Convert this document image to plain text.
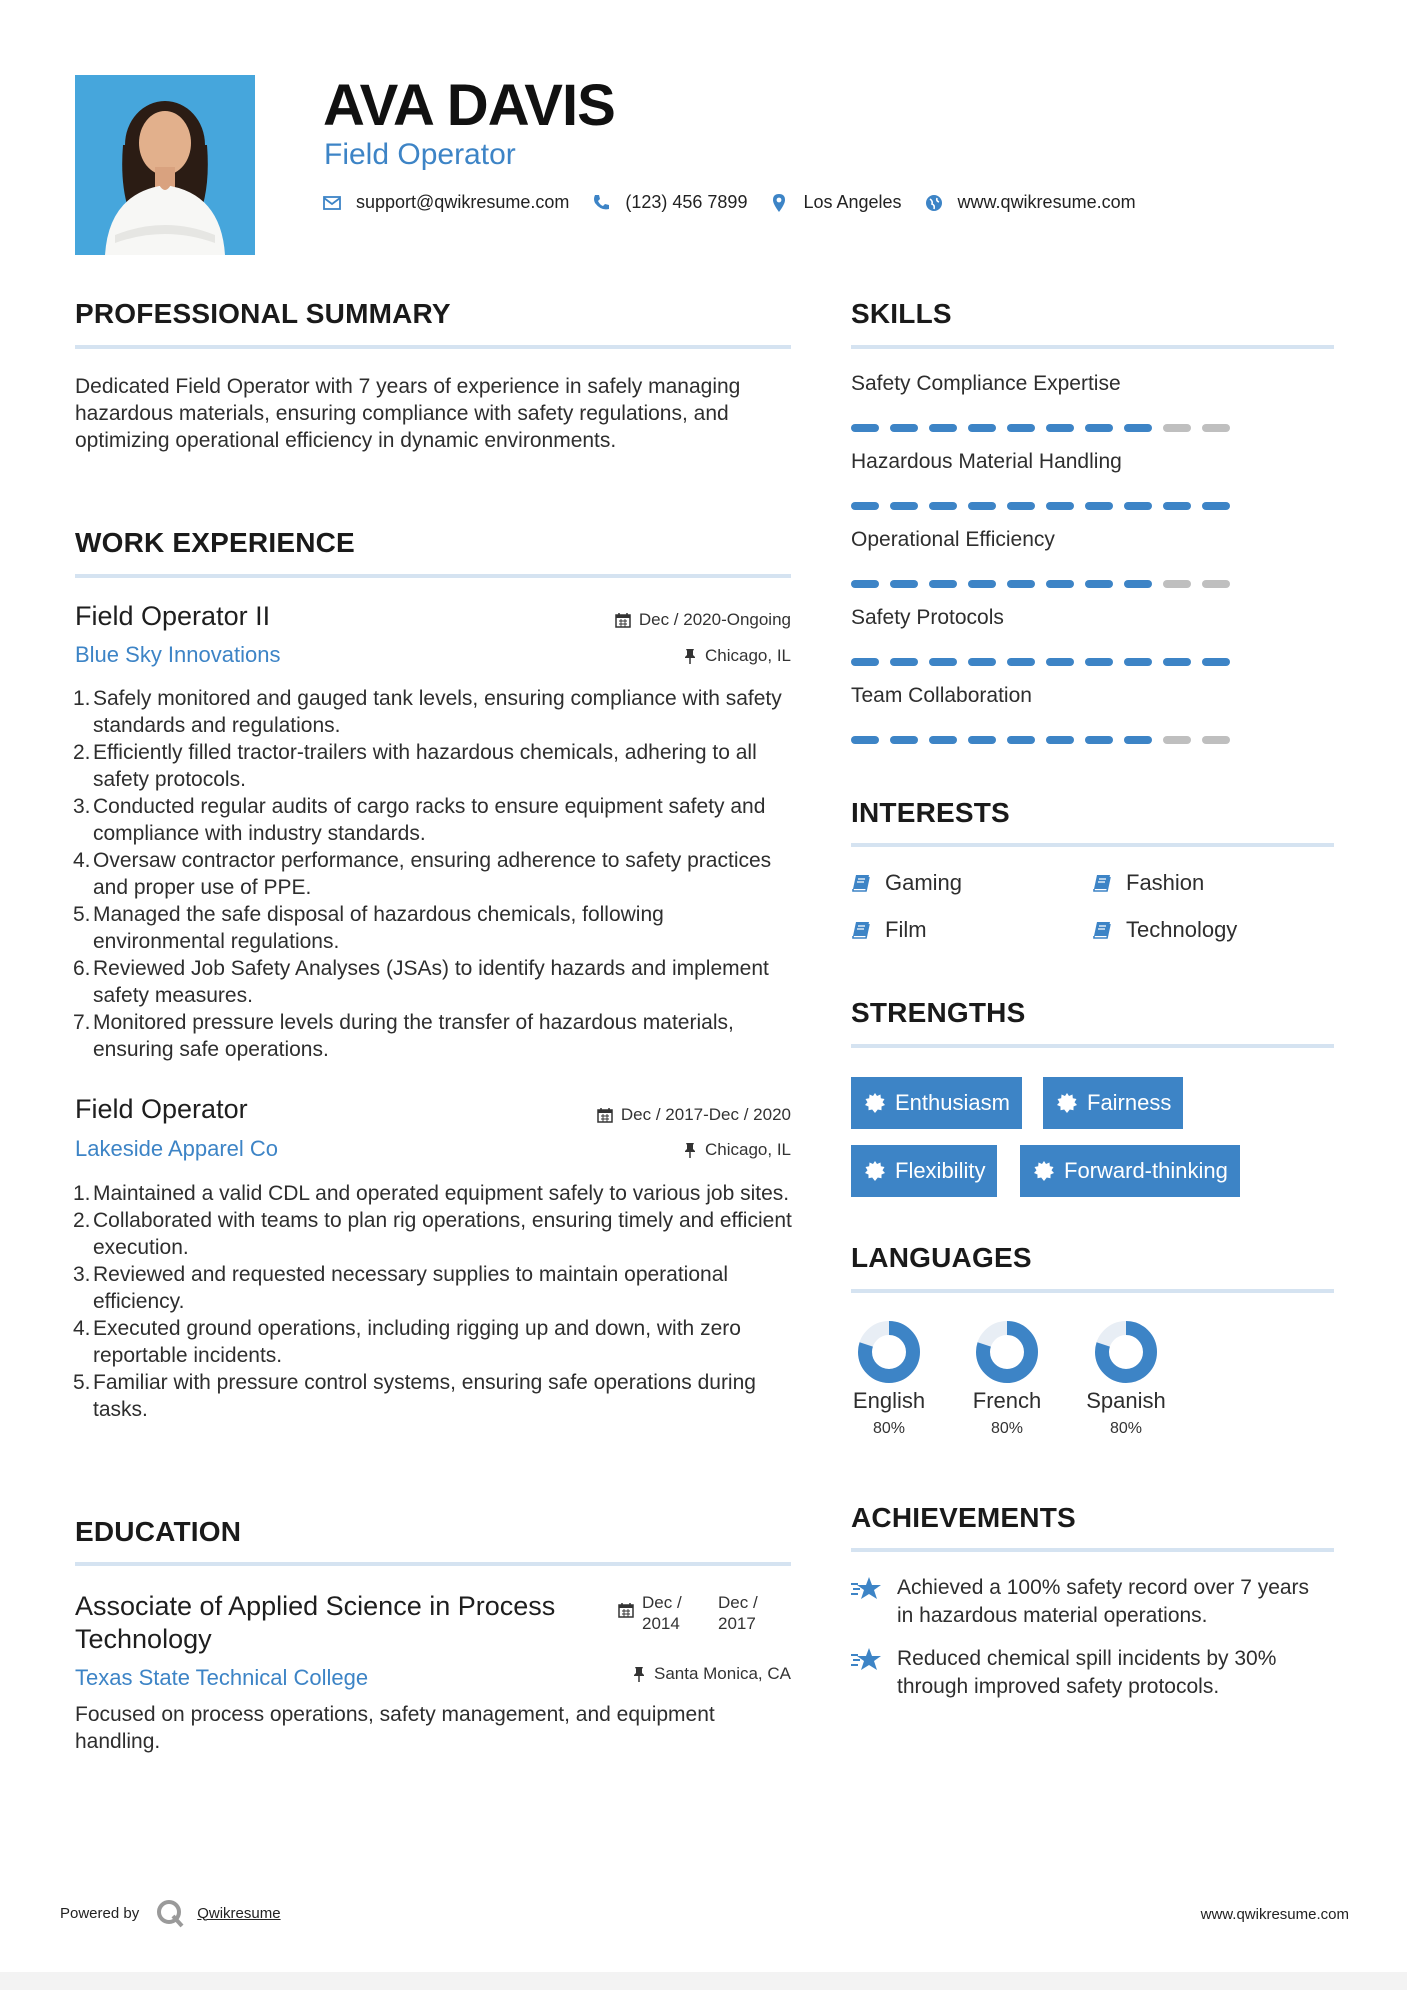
AVA DAVIS
Field Operator
support@qwikresume.com	(123) 456 7899	Los Angeles	www.qwikresume.com
PROFESSIONAL SUMMARY
Dedicated Field Operator with 7 years of experience in safely managing hazardous materials, ensuring compliance with safety regulations, and optimizing operational efficiency in dynamic environments.
WORK EXPERIENCE
Field Operator II	Dec / 2020-Ongoing
Blue Sky Innovations	Chicago, IL
1. Safely monitored and gauged tank levels, ensuring compliance with safety standards and regulations.
2. Efficiently filled tractor-trailers with hazardous chemicals, adhering to all safety protocols.
3. Conducted regular audits of cargo racks to ensure equipment safety and compliance with industry standards.
4. Oversaw contractor performance, ensuring adherence to safety practices and proper use of PPE.
5. Managed the safe disposal of hazardous chemicals, following environmental regulations.
6. Reviewed Job Safety Analyses (JSAs) to identify hazards and implement safety measures.
7. Monitored pressure levels during the transfer of hazardous materials, ensuring safe operations.
Field Operator	Dec / 2017-Dec / 2020
Lakeside Apparel Co	Chicago, IL
1. Maintained a valid CDL and operated equipment safely to various job sites.
2. Collaborated with teams to plan rig operations, ensuring timely and efficient execution.
3. Reviewed and requested necessary supplies to maintain operational efficiency.
4. Executed ground operations, including rigging up and down, with zero reportable incidents.
5. Familiar with pressure control systems, ensuring safe operations during tasks.
EDUCATION
Associate of Applied Science in Process Technology
Dec / 2014
Dec / 2017
Texas State Technical College	Santa Monica, CA
Focused on process operations, safety management, and equipment handling.
SKILLS
Safety Compliance Expertise
Hazardous Material Handling
Operational Efficiency
Safety Protocols
Team Collaboration
INTERESTS
Gaming	Fashion
Film	Technology
STRENGTHS
Enthusiasm	Fairness
Flexibility	Forward-thinking
LANGUAGES
English
80%
French
80%
Spanish
80%
ACHIEVEMENTS
Achieved a 100% safety record over 7 years in hazardous material operations.
Reduced chemical spill incidents by 30% through improved safety protocols.
Powered by	Qwikresume	www.qwikresume.com
